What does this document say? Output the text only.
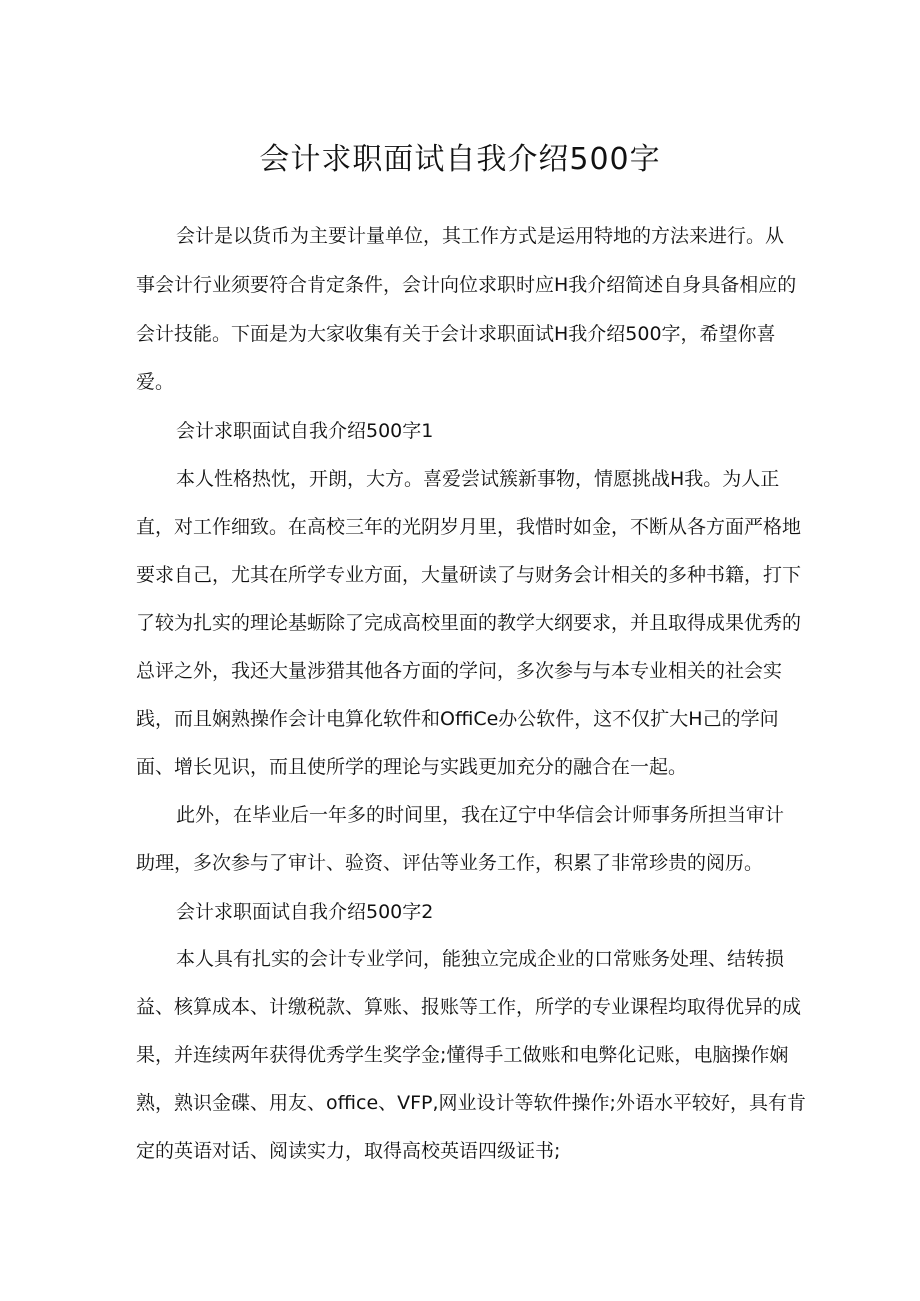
会计求职面试自我介绍500字

会计是以货币为主要计量单位，其工作方式是运用特地的方法来进行。从

事会计行业须要符合肯定条件，会计向位求职时应H我介绍简述自身具备相应的

会计技能。下面是为大家收集有关于会计求职面试H我介绍500字，希望你喜

爱。

会计求职面试自我介绍500字1

本人性格热忱，开朗，大方。喜爱尝试簇新事物，情愿挑战H我。为人正

直，对工作细致。在高校三年的光阴岁月里，我惜时如金，不断从各方面严格地

要求自己，尤其在所学专业方面，大量研读了与财务会计相关的多种书籍，打下

了较为扎实的理论基蛎除了完成高校里面的教学大纲要求，并且取得成果优秀的

总评之外，我还大量涉猎其他各方面的学问，多次参与与本专业相关的社会实

践，而且娴熟操作会计电算化软件和OffiCe办公软件，这不仅扩大H己的学问

面、增长见识，而且使所学的理论与实践更加充分的融合在一起。

此外，在毕业后一年多的时间里，我在辽宁中华信会计师事务所担当审计

助理，多次参与了审计、验资、评估等业务工作，积累了非常珍贵的阅历。

会计求职面试自我介绍500字2

本人具有扎实的会计专业学问，能独立完成企业的口常账务处理、结转损

益、核算成本、计缴税款、算账、报账等工作，所学的专业课程均取得优异的成

果，并连续两年获得优秀学生奖学金;懂得手工做账和电弊化记账，电脑操作娴

熟，熟识金碟、用友、office、VFP,网业设计等软件操作;外语水平较好，具有肯

定的英语对话、阅读实力，取得高校英语四级证书;
